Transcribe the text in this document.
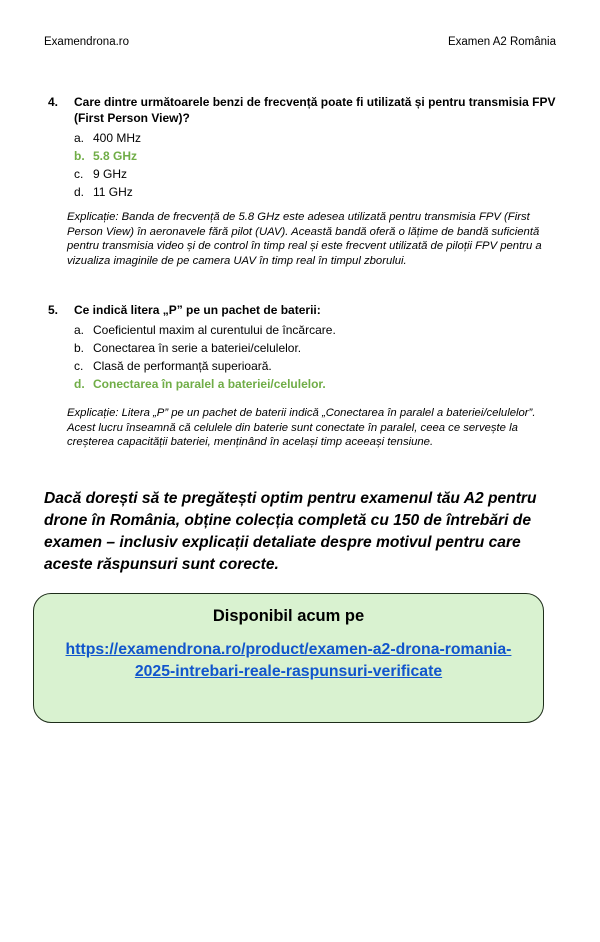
Examendrona.ro	Examen A2 România
4.	Care dintre următoarele benzi de frecvență poate fi utilizată și pentru transmisia FPV (First Person View)?
a. 400 MHz
b. 5.8 GHz
c. 9 GHz
d. 11 GHz
Explicație: Banda de frecvență de 5.8 GHz este adesea utilizată pentru transmisia FPV (First Person View) în aeronavele fără pilot (UAV). Această bandă oferă o lățime de bandă suficientă pentru transmisia video și de control în timp real și este frecvent utilizată de piloții FPV pentru a vizualiza imaginile de pe camera UAV în timp real în timpul zborului.
5.	Ce indică litera „P” pe un pachet de baterii:
a. Coeficientul maxim al curentului de încărcare.
b. Conectarea în serie a bateriei/celulelor.
c. Clasă de performanță superioară.
d. Conectarea în paralel a bateriei/celulelor.
Explicație: Litera „P” pe un pachet de baterii indică „Conectarea în paralel a bateriei/celulelor”. Acest lucru înseamnă că celulele din baterie sunt conectate în paralel, ceea ce servește la creșterea capacității bateriei, menținând în același timp aceeași tensiune.
Dacă dorești să te pregătești optim pentru examenul tău A2 pentru drone în România, obține colecția completă cu 150 de întrebări de examen – inclusiv explicații detaliate despre motivul pentru care aceste răspunsuri sunt corecte.
Disponibil acum pe
https://examendrona.ro/product/examen-a2-drona-romania-2025-intrebari-reale-raspunsuri-verificate
